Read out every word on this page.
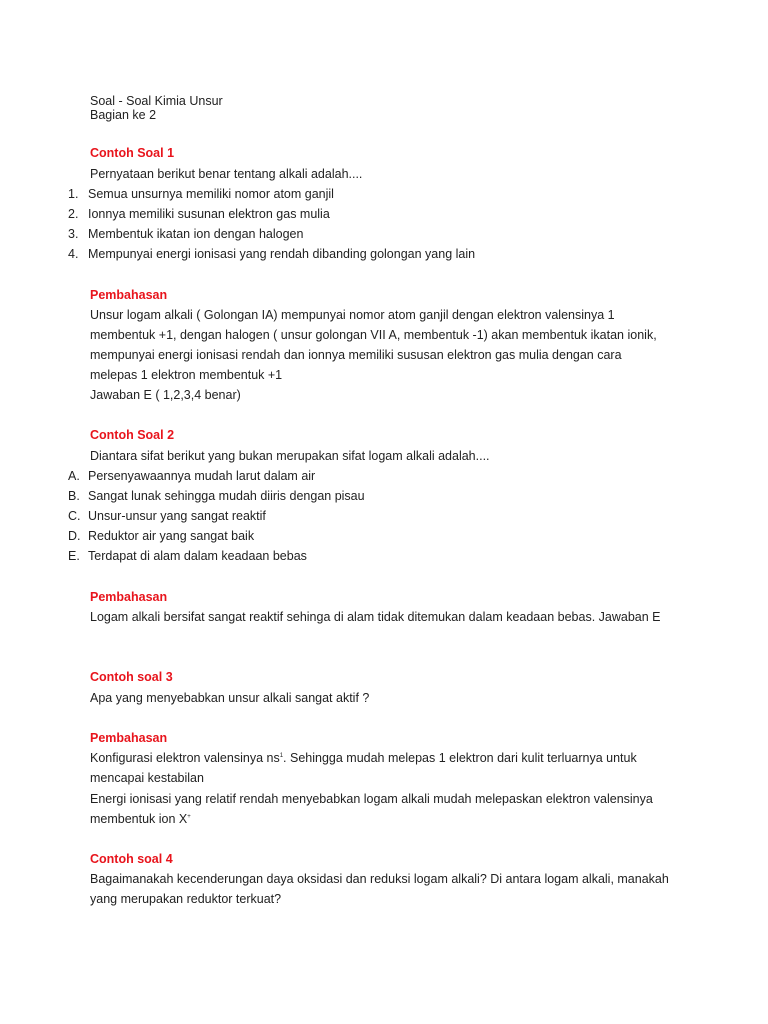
Soal - Soal Kimia Unsur
Bagian ke 2
Contoh Soal 1
Pernyataan berikut benar tentang alkali adalah....
1. Semua unsurnya memiliki nomor atom ganjil
2. Ionnya memiliki susunan elektron gas mulia
3. Membentuk ikatan ion dengan halogen
4. Mempunyai energi ionisasi yang rendah dibanding golongan yang lain
Pembahasan
Unsur logam alkali ( Golongan IA) mempunyai nomor atom ganjil dengan elektron valensinya 1
membentuk +1, dengan halogen ( unsur golongan VII A, membentuk -1) akan membentuk ikatan ionik,
mempunyai energi ionisasi rendah dan ionnya memiliki sususan elektron gas mulia dengan cara
melepas 1 elektron membentuk +1
Jawaban E ( 1,2,3,4 benar)
Contoh Soal 2
Diantara sifat berikut yang bukan merupakan sifat logam alkali adalah....
A. Persenyawaannya mudah larut dalam air
B. Sangat lunak sehingga mudah diiris dengan pisau
C. Unsur-unsur yang sangat reaktif
D. Reduktor air yang sangat baik
E. Terdapat di alam dalam keadaan bebas
Pembahasan
Logam alkali bersifat sangat reaktif sehinga di alam tidak ditemukan dalam keadaan bebas. Jawaban E
Contoh soal 3
Apa yang menyebabkan unsur alkali sangat aktif ?
Pembahasan
Konfigurasi elektron valensinya $ns^1$. Sehingga mudah melepas 1 elektron dari kulit terluarnya untuk
mencapai kestabilan
Energi ionisasi yang relatif rendah menyebabkan logam alkali mudah melepaskan elektron valensinya
membentuk ion X+
Contoh soal 4
Bagaimanakah kecenderungan daya oksidasi dan reduksi logam alkali? Di antara logam alkali, manakah
yang merupakan reduktor terkuat?
